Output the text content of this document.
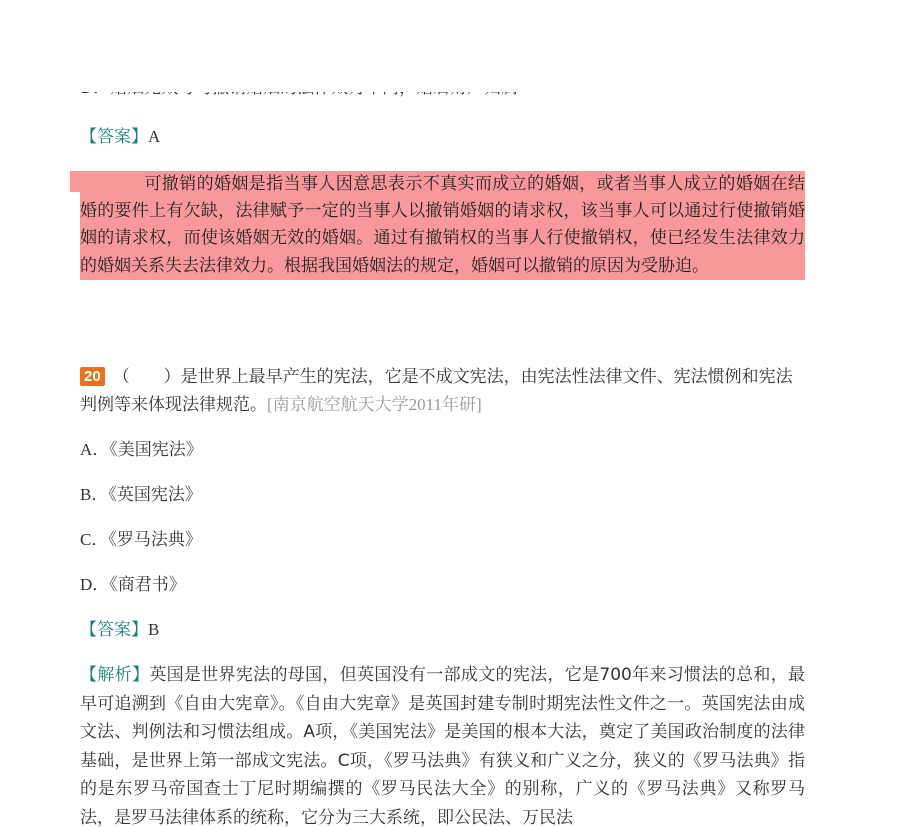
【答案】A
可撤销的婚姻是指当事人因意思表示不真实而成立的婚姻，或者当事人成立的婚姻在结婚的要件上有欠缺，法律赋予一定的当事人以撤销婚姻的请求权，该当事人可以通过行使撤销婚姻的请求权，而使该婚姻无效的婚姻。通过有撤销权的当事人行使撤销权，使已经发生法律效力的婚姻关系失去法律效力。根据我国婚姻法的规定，婚姻可以撤销的原因为受胁迫。
20 （　　）是世界上最早产生的宪法，它是不成文宪法，由宪法性法律文件、宪法惯例和宪法判例等来体现法律规范。[南京航空航天大学2011年研]
A．《美国宪法》
B．《英国宪法》
C．《罗马法典》
D．《商君书》
【答案】B
【解析】英国是世界宪法的母国，但英国没有一部成文的宪法，它是700年来习惯法的总和，最早可追溯到《自由大宪章》。《自由大宪章》是英国封建专制时期宪法性文件之一。英国宪法由成文法、判例法和习惯法组成。A项，《美国宪法》是美国的根本大法，奠定了美国政治制度的法律基础，是世界上第一部成文宪法。C项，《罗马法典》有狭义和广义之分，狭义的《罗马法典》指的是东罗马帝国查士丁尼时期编撰的《罗马民法大全》的别称，广义的《罗马法典》又称罗马法，是罗马法律体系的统称，它分为三大系统，即公民法、万民法
